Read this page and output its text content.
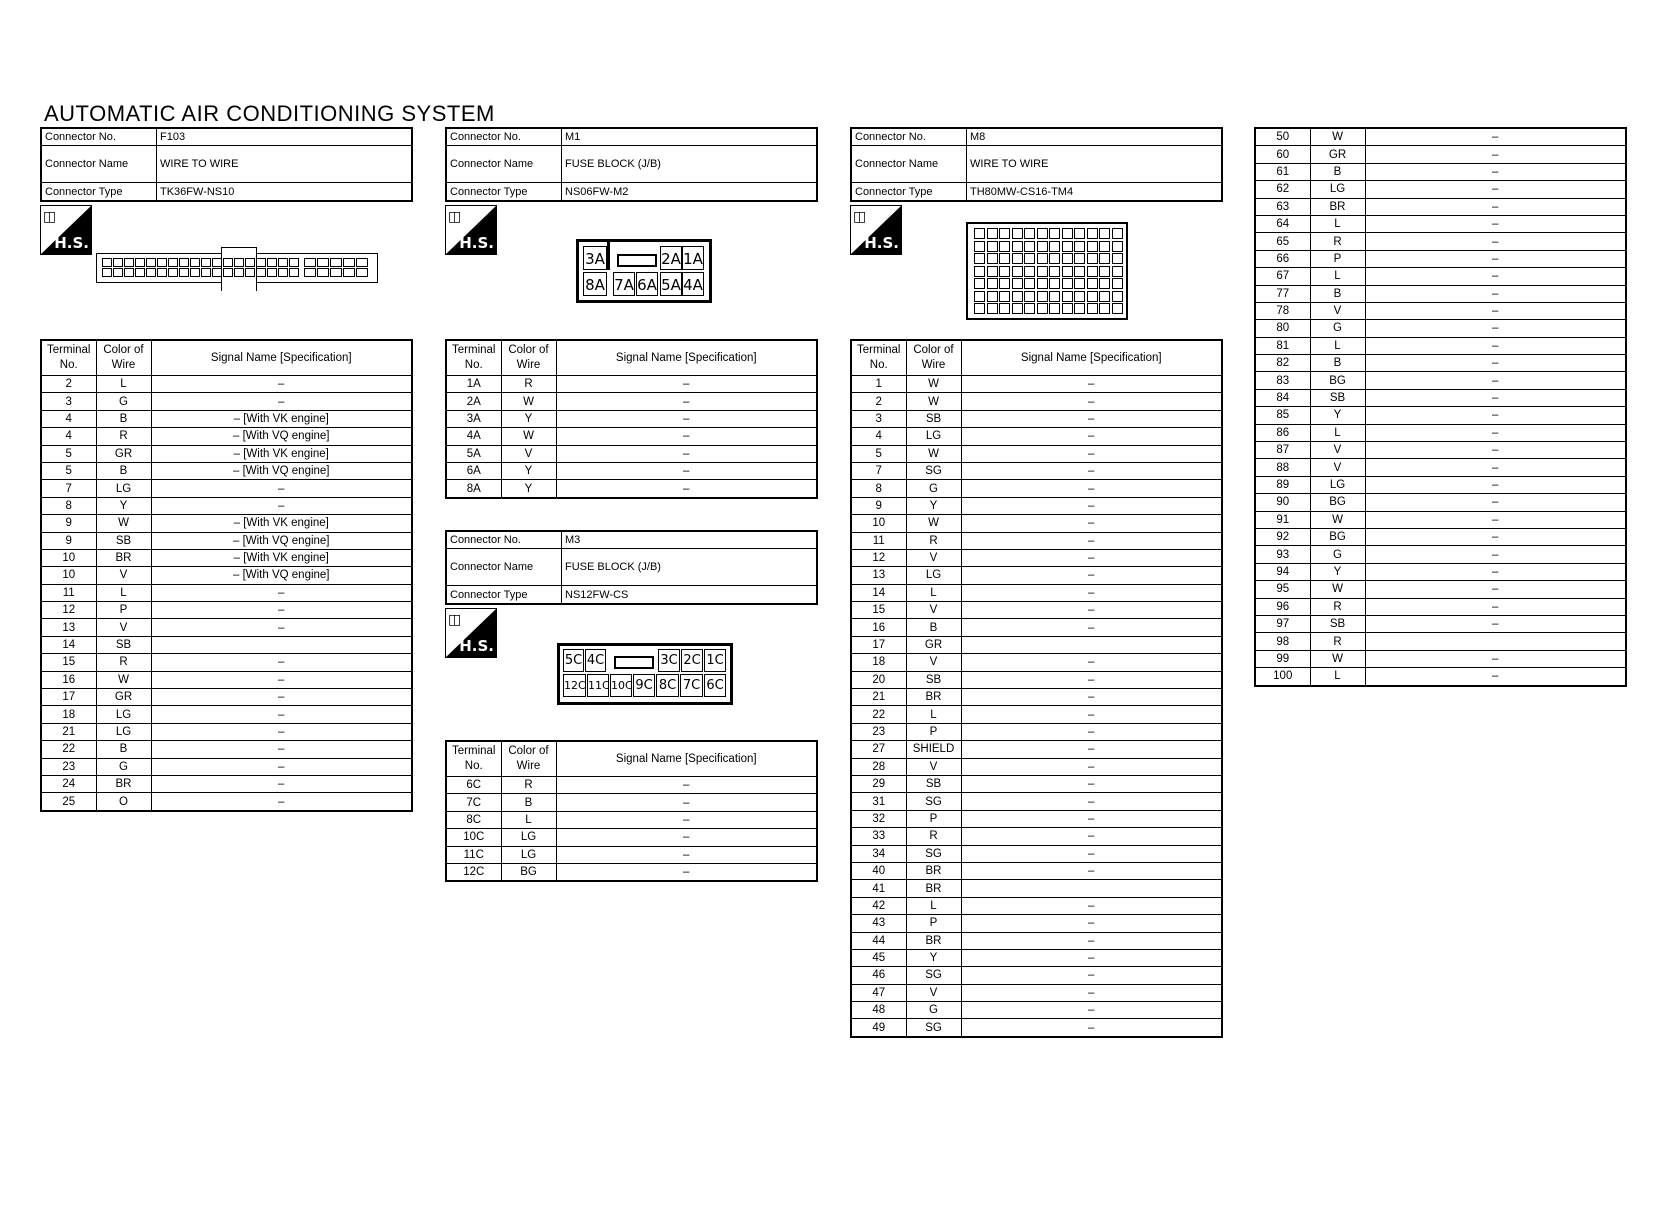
AUTOMATIC AIR CONDITIONING SYSTEM
Connector No.	F103
Connector Name	WIRE TO WIRE
Connector Type	TK36FW-NS10
◫
H.S.
Terminal No.	Color of Wire	Signal Name [Specification]
2	L	–
3	G	–
4	B	– [With VK engine]
4	R	– [With VQ engine]
5	GR	– [With VK engine]
5	B	– [With VQ engine]
7	LG	–
8	Y	–
9	W	– [With VK engine]
9	SB	– [With VQ engine]
10	BR	– [With VK engine]
10	V	– [With VQ engine]
11	L	–
12	P	–
13	V	–
14	SB	
15	R	–
16	W	–
17	GR	–
18	LG	–
21	LG	–
22	B	–
23	G	–
24	BR	–
25	O	–
Connector No.	M1
Connector Name	FUSE BLOCK (J/B)
Connector Type	NS06FW-M2
◫
H.S.
3A
8A
2A 1A
7A 6A 5A 4A
Terminal No.	Color of Wire	Signal Name [Specification]
1A	R	–
2A	W	–
3A	Y	–
4A	W	–
5A	V	–
6A	Y	–
8A	Y	–
Connector No.	M3
Connector Name	FUSE BLOCK (J/B)
Connector Type	NS12FW-CS
◫
H.S.
5C 4C	3C 2C 1C
12C 11C 10C 9C 8C 7C 6C
Terminal No.	Color of Wire	Signal Name [Specification]
6C	R	–
7C	B	–
8C	L	–
10C	LG	–
11C	LG	–
12C	BG	–
Connector No.	M8
Connector Name	WIRE TO WIRE
Connector Type	TH80MW-CS16-TM4
◫
H.S.
Terminal No.	Color of Wire	Signal Name [Specification]
1	W	–
2	W	–
3	SB	–
4	LG	–
5	W	–
7	SG	–
8	G	–
9	Y	–
10	W	–
11	R	–
12	V	–
13	LG	–
14	L	–
15	V	–
16	B	–
17	GR	
18	V	–
20	SB	–
21	BR	–
22	L	–
23	P	–
27	SHIELD	–
28	V	–
29	SB	–
31	SG	–
32	P	–
33	R	–
34	SG	–
40	BR	–
41	BR	
42	L	–
43	P	–
44	BR	–
45	Y	–
46	SG	–
47	V	–
48	G	–
49	SG	–
50	W	–
60	GR	–
61	B	–
62	LG	–
63	BR	–
64	L	–
65	R	–
66	P	–
67	L	–
77	B	–
78	V	–
80	G	–
81	L	–
82	B	–
83	BG	–
84	SB	–
85	Y	–
86	L	–
87	V	–
88	V	–
89	LG	–
90	BG	–
91	W	–
92	BG	–
93	G	–
94	Y	–
95	W	–
96	R	–
97	SB	–
98	R	
99	W	–
100	L	–
